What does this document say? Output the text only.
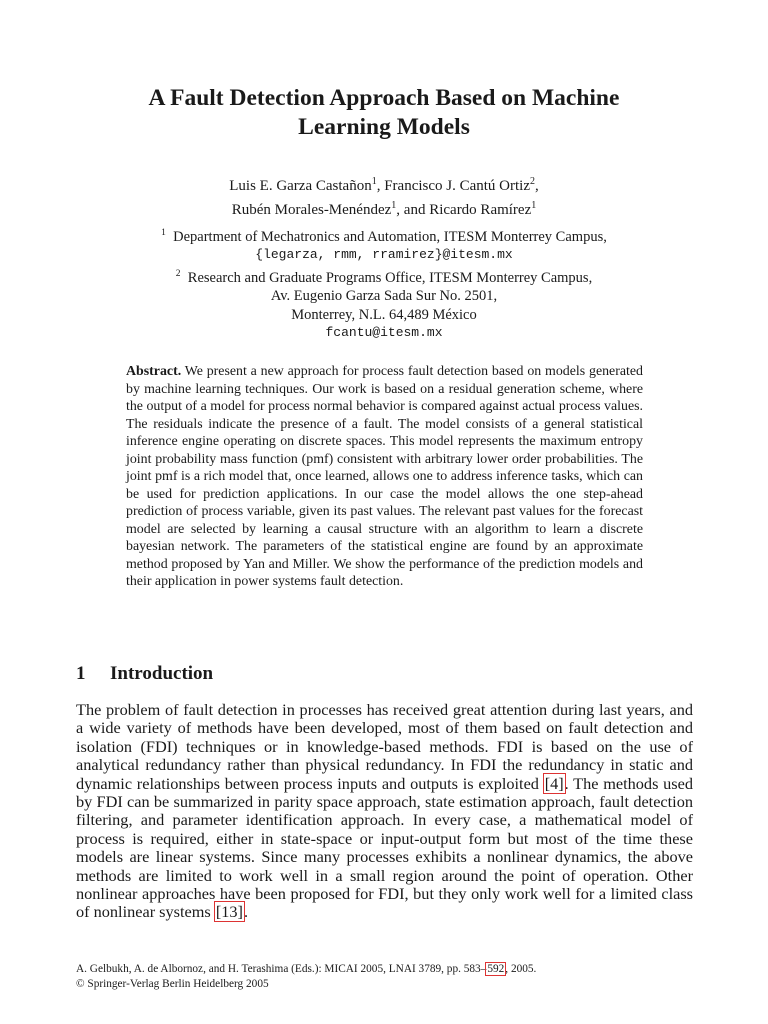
A Fault Detection Approach Based on Machine
Learning Models
Luis E. Garza Castañon$^1$, Francisco J. Cantú Ortiz$^2$,
Rubén Morales-Menéndez$^1$, and Ricardo Ramírez$^1$
$^1$ Department of Mechatronics and Automation, ITESM Monterrey Campus,
{legarza, rmm, rramirez}@itesm.mx
$^2$ Research and Graduate Programs Office, ITESM Monterrey Campus,
Av. Eugenio Garza Sada Sur No. 2501,
Monterrey, N.L. 64,489 México
fcantu@itesm.mx
Abstract. We present a new approach for process fault detection based on models generated by machine learning techniques. Our work is based on a residual generation scheme, where the output of a model for process normal behavior is compared against actual process values. The residuals indicate the presence of a fault. The model consists of a general statistical inference engine operating on discrete spaces. This model represents the maximum entropy joint probability mass function (pmf) consistent with arbitrary lower order probabilities. The joint pmf is a rich model that, once learned, allows one to address inference tasks, which can be used for prediction applications. In our case the model allows the one step-ahead prediction of process variable, given its past values. The relevant past values for the forecast model are selected by learning a causal structure with an algorithm to learn a discrete bayesian network. The parameters of the statistical engine are found by an approximate method proposed by Yan and Miller. We show the performance of the prediction models and their application in power systems fault detection.
1 Introduction
The problem of fault detection in processes has received great attention during last years, and a wide variety of methods have been developed, most of them based on fault detection and isolation (FDI) techniques or in knowledge-based methods. FDI is based on the use of analytical redundancy rather than physical redundancy. In FDI the redundancy in static and dynamic relationships between process inputs and outputs is exploited [4]. The methods used by FDI can be summarized in parity space approach, state estimation approach, fault detection filtering, and parameter identification approach. In every case, a mathematical model of process is required, either in state-space or input-output form but most of the time these models are linear systems. Since many processes exhibits a nonlinear dynamics, the above methods are limited to work well in a small region around the point of operation. Other nonlinear approaches have been proposed for FDI, but they only work well for a limited class of nonlinear systems [13].
A. Gelbukh, A. de Albornoz, and H. Terashima (Eds.): MICAI 2005, LNAI 3789, pp. 583–592, 2005.
© Springer-Verlag Berlin Heidelberg 2005
